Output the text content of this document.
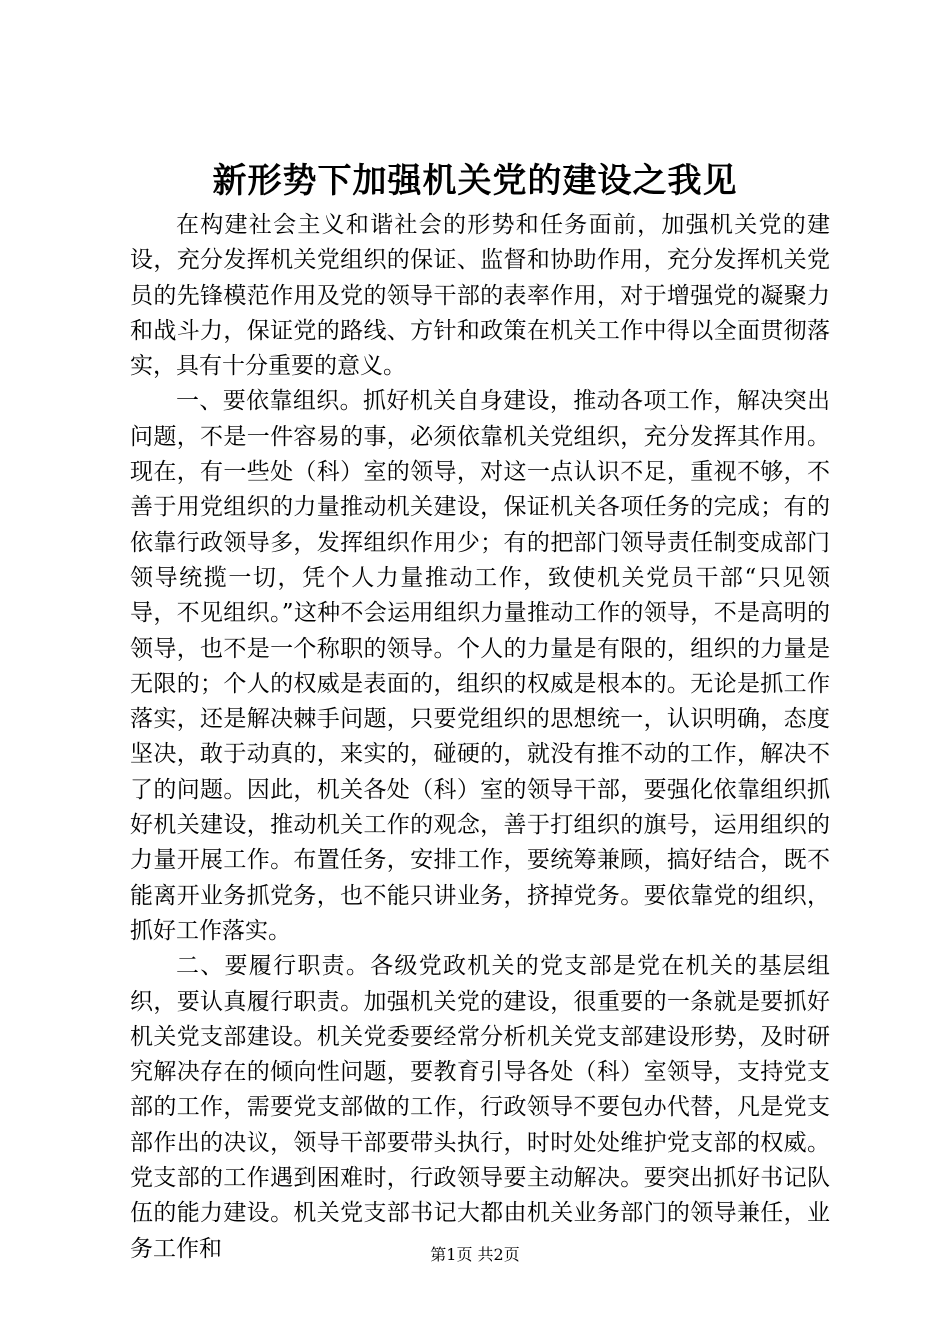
新形势下加强机关党的建设之我见

在构建社会主义和谐社会的形势和任务面前，加强机关党的建设，充分发挥机关党组织的保证、监督和协助作用，充分发挥机关党员的先锋模范作用及党的领导干部的表率作用，对于增强党的凝聚力和战斗力，保证党的路线、方针和政策在机关工作中得以全面贯彻落实，具有十分重要的意义。

一、要依靠组织。抓好机关自身建设，推动各项工作，解决突出问题，不是一件容易的事，必须依靠机关党组织，充分发挥其作用。现在，有一些处（科）室的领导，对这一点认识不足，重视不够，不善于用党组织的力量推动机关建设，保证机关各项任务的完成；有的依靠行政领导多，发挥组织作用少；有的把部门领导责任制变成部门领导统揽一切，凭个人力量推动工作，致使机关党员干部“只见领导，不见组织。”这种不会运用组织力量推动工作的领导，不是高明的领导，也不是一个称职的领导。个人的力量是有限的，组织的力量是无限的；个人的权威是表面的，组织的权威是根本的。无论是抓工作落实，还是解决棘手问题，只要党组织的思想统一，认识明确，态度坚决，敢于动真的，来实的，碰硬的，就没有推不动的工作，解决不了的问题。因此，机关各处（科）室的领导干部，要强化依靠组织抓好机关建设，推动机关工作的观念，善于打组织的旗号，运用组织的力量开展工作。布置任务，安排工作，要统筹兼顾，搞好结合，既不能离开业务抓党务，也不能只讲业务，挤掉党务。要依靠党的组织，抓好工作落实。

二、要履行职责。各级党政机关的党支部是党在机关的基层组织，要认真履行职责。加强机关党的建设，很重要的一条就是要抓好机关党支部建设。机关党委要经常分析机关党支部建设形势，及时研究解决存在的倾向性问题，要教育引导各处（科）室领导，支持党支部的工作，需要党支部做的工作，行政领导不要包办代替，凡是党支部作出的决议，领导干部要带头执行，时时处处维护党支部的权威。党支部的工作遇到困难时，行政领导要主动解决。要突出抓好书记队伍的能力建设。机关党支部书记大都由机关业务部门的领导兼任，业务工作和	第1页 共2页
